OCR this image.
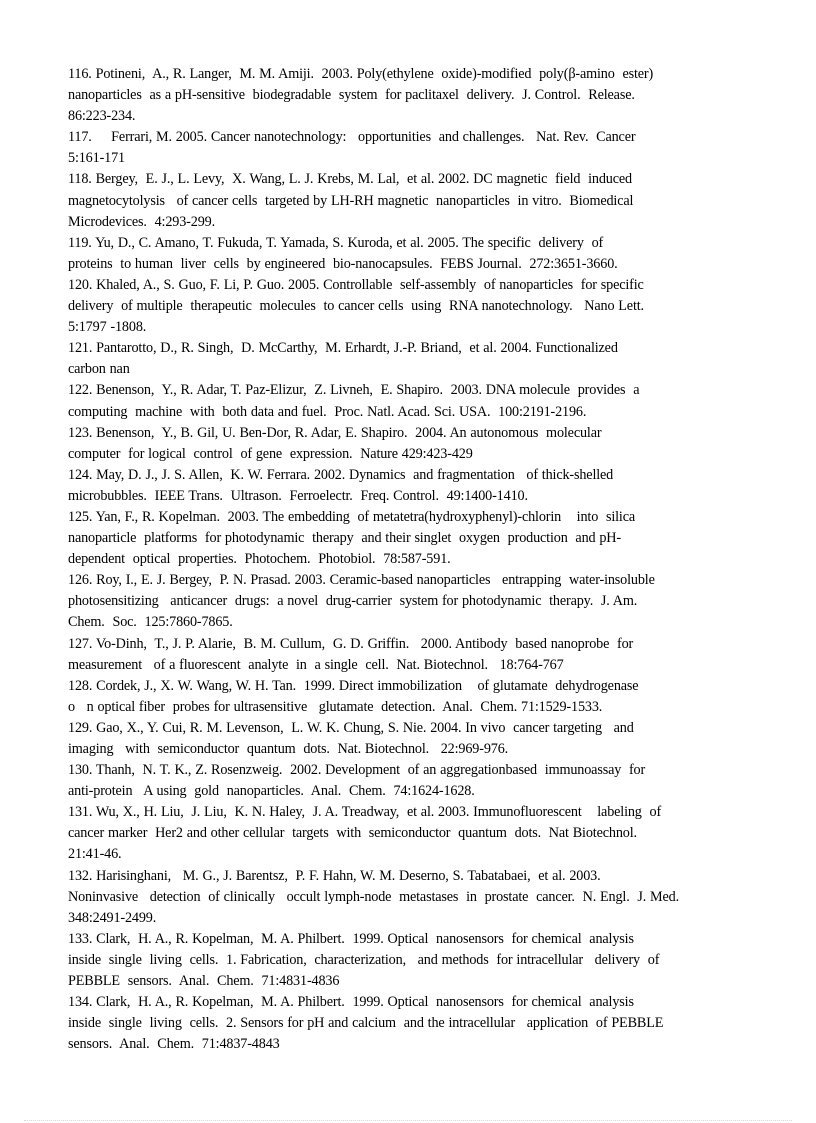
116. Potineni,  A., R. Langer,  M. M. Amiji.  2003. Poly(ethylene  oxide)-modified  poly(β-amino  ester)
nanoparticles  as a pH-sensitive  biodegradable  system  for paclitaxel  delivery.  J. Control.  Release.
86:223-234.
117.     Ferrari, M. 2005. Cancer nanotechnology:   opportunities  and challenges.   Nat. Rev.  Cancer
5:161-171
118. Bergey,  E. J., L. Levy,  X. Wang, L. J. Krebs, M. Lal,  et al. 2002. DC magnetic  field  induced
magnetocytolysis   of cancer cells  targeted by LH-RH magnetic  nanoparticles  in vitro.  Biomedical
Microdevices.  4:293-299.
119. Yu, D., C. Amano, T. Fukuda, T. Yamada, S. Kuroda, et al. 2005. The specific  delivery  of
proteins  to human  liver  cells  by engineered  bio-nanocapsules.  FEBS Journal.  272:3651-3660.
120. Khaled, A., S. Guo, F. Li, P. Guo. 2005. Controllable  self-assembly  of nanoparticles  for specific
delivery  of multiple  therapeutic  molecules  to cancer cells  using  RNA nanotechnology.   Nano Lett.
5:1797 -1808.
121. Pantarotto, D., R. Singh,  D. McCarthy,  M. Erhardt, J.-P. Briand,  et al. 2004. Functionalized
carbon nan
122. Benenson,  Y., R. Adar, T. Paz-Elizur,  Z. Livneh,  E. Shapiro.  2003. DNA molecule  provides  a
computing  machine  with  both data and fuel.  Proc. Natl. Acad. Sci. USA.  100:2191-2196.
123. Benenson,  Y., B. Gil, U. Ben-Dor, R. Adar, E. Shapiro.  2004. An autonomous  molecular
computer  for logical  control  of gene  expression.  Nature 429:423-429
124. May, D. J., J. S. Allen,  K. W. Ferrara. 2002. Dynamics  and fragmentation   of thick-shelled
microbubbles.  IEEE Trans.  Ultrason.  Ferroelectr.  Freq. Control.  49:1400-1410.
125. Yan, F., R. Kopelman.  2003. The embedding  of metatetra(hydroxyphenyl)-chlorin    into  silica
nanoparticle  platforms  for photodynamic  therapy  and their singlet  oxygen  production  and pH-
dependent  optical  properties.  Photochem.  Photobiol.  78:587-591.
126. Roy, I., E. J. Bergey,  P. N. Prasad. 2003. Ceramic-based nanoparticles   entrapping  water-insoluble
photosensitizing   anticancer  drugs:  a novel  drug-carrier  system for photodynamic  therapy.  J. Am.
Chem.  Soc.  125:7860-7865.
127. Vo-Dinh,  T., J. P. Alarie,  B. M. Cullum,  G. D. Griffin.   2000. Antibody  based nanoprobe  for
measurement   of a fluorescent  analyte  in  a single  cell.  Nat. Biotechnol.   18:764-767
128. Cordek, J., X. W. Wang, W. H. Tan.  1999. Direct immobilization    of glutamate  dehydrogenase
o   n optical fiber  probes for ultrasensitive   glutamate  detection.  Anal.  Chem. 71:1529-1533.
129. Gao, X., Y. Cui, R. M. Levenson,  L. W. K. Chung, S. Nie. 2004. In vivo  cancer targeting   and
imaging   with  semiconductor  quantum  dots.  Nat. Biotechnol.   22:969-976.
130. Thanh,  N. T. K., Z. Rosenzweig.  2002. Development  of an aggregationbased  immunoassay  for
anti-protein   A using  gold  nanoparticles.  Anal.  Chem.  74:1624-1628.
131. Wu, X., H. Liu,  J. Liu,  K. N. Haley,  J. A. Treadway,  et al. 2003. Immunofluorescent    labeling  of
cancer marker  Her2 and other cellular  targets  with  semiconductor  quantum  dots.  Nat Biotechnol.
21:41-46.
132. Harisinghani,   M. G., J. Barentsz,  P. F. Hahn, W. M. Deserno, S. Tabatabaei,  et al. 2003.
Noninvasive   detection  of clinically   occult lymph-node  metastases  in  prostate  cancer.  N. Engl.  J. Med.
348:2491-2499.
133. Clark,  H. A., R. Kopelman,  M. A. Philbert.  1999. Optical  nanosensors  for chemical  analysis
inside  single  living  cells.  1. Fabrication,  characterization,   and methods  for intracellular   delivery  of
PEBBLE  sensors.  Anal.  Chem.  71:4831-4836
134. Clark,  H. A., R. Kopelman,  M. A. Philbert.  1999. Optical  nanosensors  for chemical  analysis
inside  single  living  cells.  2. Sensors for pH and calcium  and the intracellular   application  of PEBBLE
sensors.  Anal.  Chem.  71:4837-4843
